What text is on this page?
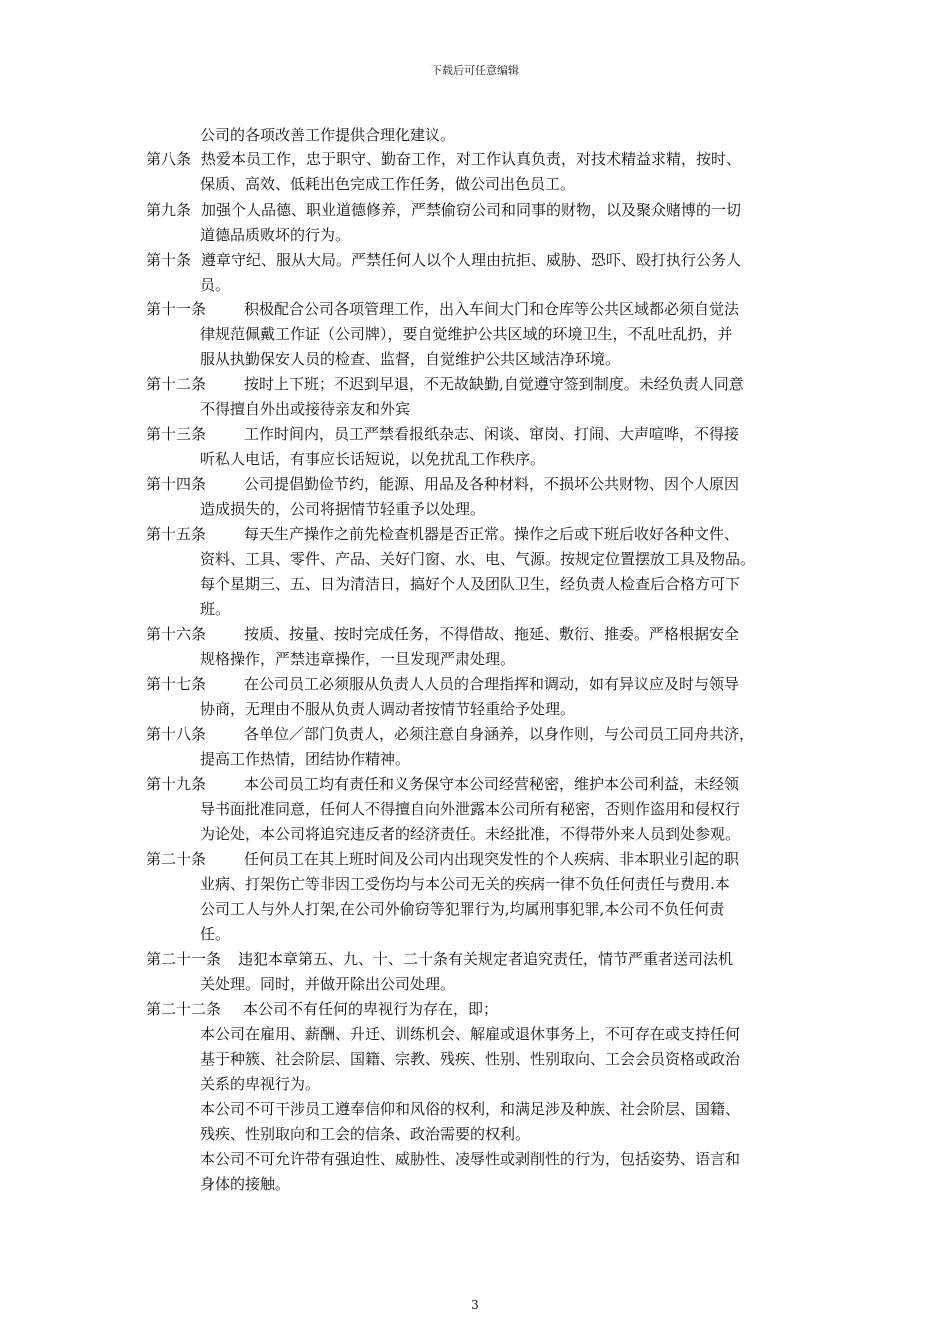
下载后可任意编辑
公司的各项改善工作提供合理化建议。
第八条 热爱本员工作，忠于职守、勤奋工作，对工作认真负责，对技术精益求精，按时、
保质、高效、低耗出色完成工作任务，做公司出色员工。
第九条 加强个人品德、职业道德修养，严禁偷窃公司和同事的财物，以及聚众赌博的一切
道德品质败坏的行为。
第十条 遵章守纪、服从大局。严禁任何人以个人理由抗拒、威胁、恐吓、殴打执行公务人
员。
第十一条	积极配合公司各项管理工作，出入车间大门和仓库等公共区域都必须自觉法
律规范佩戴工作证（公司牌），要自觉维护公共区域的环境卫生，不乱吐乱扔，并
服从执勤保安人员的检查、监督，自觉维护公共区域洁净环境。
第十二条	按时上下班；不迟到早退，不无故缺勤,自觉遵守签到制度。未经负责人同意
不得擅自外出或接待亲友和外宾
第十三条	工作时间内，员工严禁看报纸杂志、闲谈、窜岗、打闹、大声喧哗，不得接
听私人电话，有事应长话短说，以免扰乱工作秩序。
第十四条	公司提倡勤俭节约，能源、用品及各种材料，不损坏公共财物、因个人原因
造成损失的，公司将据情节轻重予以处理。
第十五条	每天生产操作之前先检查机器是否正常。操作之后或下班后收好各种文件、
资料、工具、零件、产品、关好门窗、水、电、气源。按规定位置摆放工具及物品。
每个星期三、五、日为清洁日，搞好个人及团队卫生，经负责人检查后合格方可下
班。
第十六条	按质、按量、按时完成任务，不得借故、拖延、敷衍、推委。严格根据安全
规格操作，严禁违章操作，一旦发现严肃处理。
第十七条	在公司员工必须服从负责人人员的合理指挥和调动，如有异议应及时与领导
协商，无理由不服从负责人调动者按情节轻重给予处理。
第十八条	各单位／部门负责人，必须注意自身涵养，以身作则，与公司员工同舟共济，
提高工作热情，团结协作精神。
第十九条	本公司员工均有责任和义务保守本公司经营秘密，维护本公司利益，未经领
导书面批准同意，任何人不得擅自向外泄露本公司所有秘密，否则作盗用和侵权行
为论处，本公司将追究违反者的经济责任。未经批准，不得带外来人员到处参观。
第二十条	任何员工在其上班时间及公司内出现突发性的个人疾病、非本职业引起的职
业病、打架伤亡等非因工受伤均与本公司无关的疾病一律不负任何责任与费用.本
公司工人与外人打架,在公司外偷窃等犯罪行为,均属刑事犯罪,本公司不负任何责
任。
第二十一条 违犯本章第五、九、十、二十条有关规定者追究责任，情节严重者送司法机
关处理。同时，并做开除出公司处理。
第二十二条 本公司不有任何的卑视行为存在，即；
本公司在雇用、薪酬、升迁、训练机会、解雇或退休事务上，不可存在或支持任何
基于种簇、社会阶层、国籍、宗教、残疾、性别、性别取向、工会会员资格或政治
关系的卑视行为。
本公司不可干涉员工遵奉信仰和风俗的权利，和满足涉及种族、社会阶层、国籍、
残疾、性别取向和工会的信条、政治需要的权利。
本公司不可允许带有强迫性、威胁性、凌辱性或剥削性的行为，包括姿势、语言和
身体的接触。
3
